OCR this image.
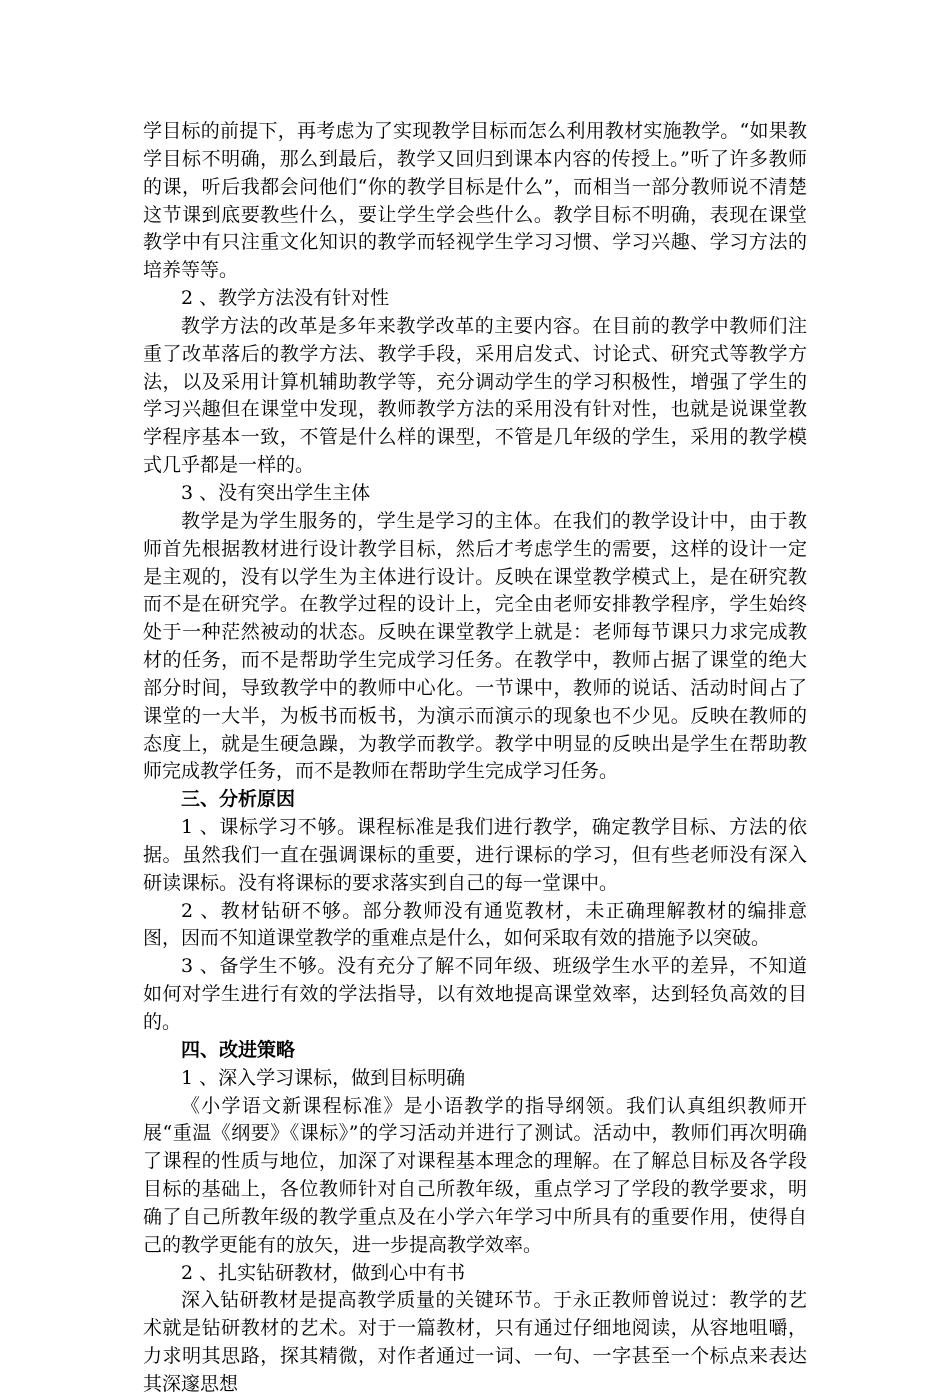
学目标的前提下，再考虑为了实现教学目标而怎么利用教材实施教学。“如果教学目标不明确，那么到最后，教学又回归到课本内容的传授上。”听了许多教师的课，听后我都会问他们“你的教学目标是什么”，而相当一部分教师说不清楚这节课到底要教些什么，要让学生学会些什么。教学目标不明确，表现在课堂教学中有只注重文化知识的教学而轻视学生学习习惯、学习兴趣、学习方法的培养等等。

2 、教学方法没有针对性

教学方法的改革是多年来教学改革的主要内容。在目前的教学中教师们注重了改革落后的教学方法、教学手段，采用启发式、讨论式、研究式等教学方法，以及采用计算机辅助教学等，充分调动学生的学习积极性，增强了学生的学习兴趣但在课堂中发现，教师教学方法的采用没有针对性，也就是说课堂教学程序基本一致，不管是什么样的课型，不管是几年级的学生，采用的教学模式几乎都是一样的。

3 、没有突出学生主体

教学是为学生服务的，学生是学习的主体。在我们的教学设计中，由于教师首先根据教材进行设计教学目标，然后才考虑学生的需要，这样的设计一定是主观的，没有以学生为主体进行设计。反映在课堂教学模式上，是在研究教而不是在研究学。在教学过程的设计上，完全由老师安排教学程序，学生始终处于一种茫然被动的状态。反映在课堂教学上就是：老师每节课只力求完成教材的任务，而不是帮助学生完成学习任务。在教学中，教师占据了课堂的绝大部分时间，导致教学中的教师中心化。一节课中，教师的说话、活动时间占了课堂的一大半，为板书而板书，为演示而演示的现象也不少见。反映在教师的态度上，就是生硬急躁，为教学而教学。教学中明显的反映出是学生在帮助教师完成教学任务，而不是教师在帮助学生完成学习任务。

三、分析原因

1 、课标学习不够。课程标准是我们进行教学，确定教学目标、方法的依据。虽然我们一直在强调课标的重要，进行课标的学习，但有些老师没有深入研读课标。没有将课标的要求落实到自己的每一堂课中。

2 、教材钻研不够。部分教师没有通览教材，未正确理解教材的编排意图，因而不知道课堂教学的重难点是什么，如何采取有效的措施予以突破。

3 、备学生不够。没有充分了解不同年级、班级学生水平的差异，不知道如何对学生进行有效的学法指导，以有效地提高课堂效率，达到轻负高效的目的。

四、改进策略

1 、深入学习课标，做到目标明确

《小学语文新课程标准》是小语教学的指导纲领。我们认真组织教师开展“重温《纲要》《课标》”的学习活动并进行了测试。活动中，教师们再次明确了课程的性质与地位，加深了对课程基本理念的理解。在了解总目标及各学段目标的基础上，各位教师针对自己所教年级，重点学习了学段的教学要求，明确了自己所教年级的教学重点及在小学六年学习中所具有的重要作用，使得自己的教学更能有的放矢，进一步提高教学效率。

2 、扎实钻研教材，做到心中有书

深入钻研教材是提高教学质量的关键环节。于永正教师曾说过：教学的艺术就是钻研教材的艺术。对于一篇教材，只有通过仔细地阅读，从容地咀嚼，力求明其思路，探其精微，对作者通过一词、一句、一字甚至一个标点来表达其深邃思想
